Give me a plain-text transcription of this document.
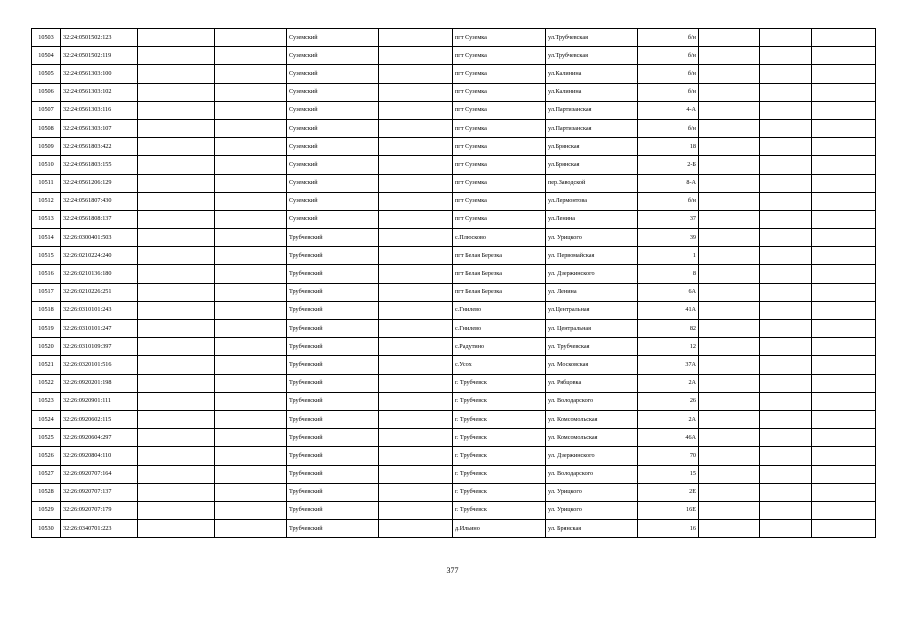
10503	32:24:0501502:123			Суземский		пгт Суземка	ул.Трубчевская	б/н			
10504	32:24:0501502:119			Суземский		пгт Суземка	ул.Трубчевская	б/н			
10505	32:24:0561303:100			Суземский		пгт Суземка	ул.Калинина	б/н			
10506	32:24:0561303:102			Суземский		пгт Суземка	ул.Калинина	б/н			
10507	32:24:0561303:116			Суземский		пгт Суземка	ул.Партизанская	4-А			
10508	32:24:0561303:107			Суземский		пгт Суземка	ул.Партизанская	б/н			
10509	32:24:0561803:422			Суземский		пгт Суземка	ул.Брянская	18			
10510	32:24:0561803:155			Суземский		пгт Суземка	ул.Брянская	2-Б			
10511	32:24:0561206:129			Суземский		пгт Суземка	пер.Заводской	8-А			
10512	32:24:0561807:430			Суземский		пгт Суземка	ул.Лермонтова	б/н			
10513	32:24:0561808:137			Суземский		пгт Суземка	ул.Ленина	37			
10514	32:26:0300401:503			Трубчевский		с.Плюсково	ул. Урицкого	39			
10515	32:26:0210224:240			Трубчевский		пгт Белая Березка	ул. Первомайская	1			
10516	32:26:0210136:180			Трубчевский		пгт Белая Березка	ул. Дзержинского	8			
10517	32:26:0210226:251			Трубчевский		пгт Белая Березка	ул. Ленина	6А			
10518	32:26:0310101:243			Трубчевский		с.Гнилево	ул.Центральная	41А			
10519	32:26:0310101:247			Трубчевский		с.Гнилево	ул. Центральная	82			
10520	32:26:0310109:397			Трубчевский		с.Радутино	ул. Трубчевская	12			
10521	32:26:0320101:516			Трубчевский		с.Усох	ул. Московская	37А			
10522	32:26:0920201:198			Трубчевский		г. Трубчевск	ул. Рябцовка	2А			
10523	32:26:0920901:111			Трубчевский		г. Трубчевск	ул. Володарского	26			
10524	32:26:0920602:115			Трубчевский		г. Трубчевск	ул. Комсомольская	2А			
10525	32:26:0920604:297			Трубчевский		г. Трубчевск	ул. Комсомольская	46А			
10526	32:26:0920804:110			Трубчевский		г. Трубчевск	ул. Дзержинского	70			
10527	32:26:0920707:164			Трубчевский		г. Трубчевск	ул. Володарского	15			
10528	32:26:0920707:137			Трубчевский		г. Трубчевск	ул. Урицкого	2Е			
10529	32:26:0920707:179			Трубчевский		г. Трубчевск	ул. Урицкого	16Е			
10530	32:26:0340701:223			Трубчевский		д.Ильино	ул. Брянская	16			
377
